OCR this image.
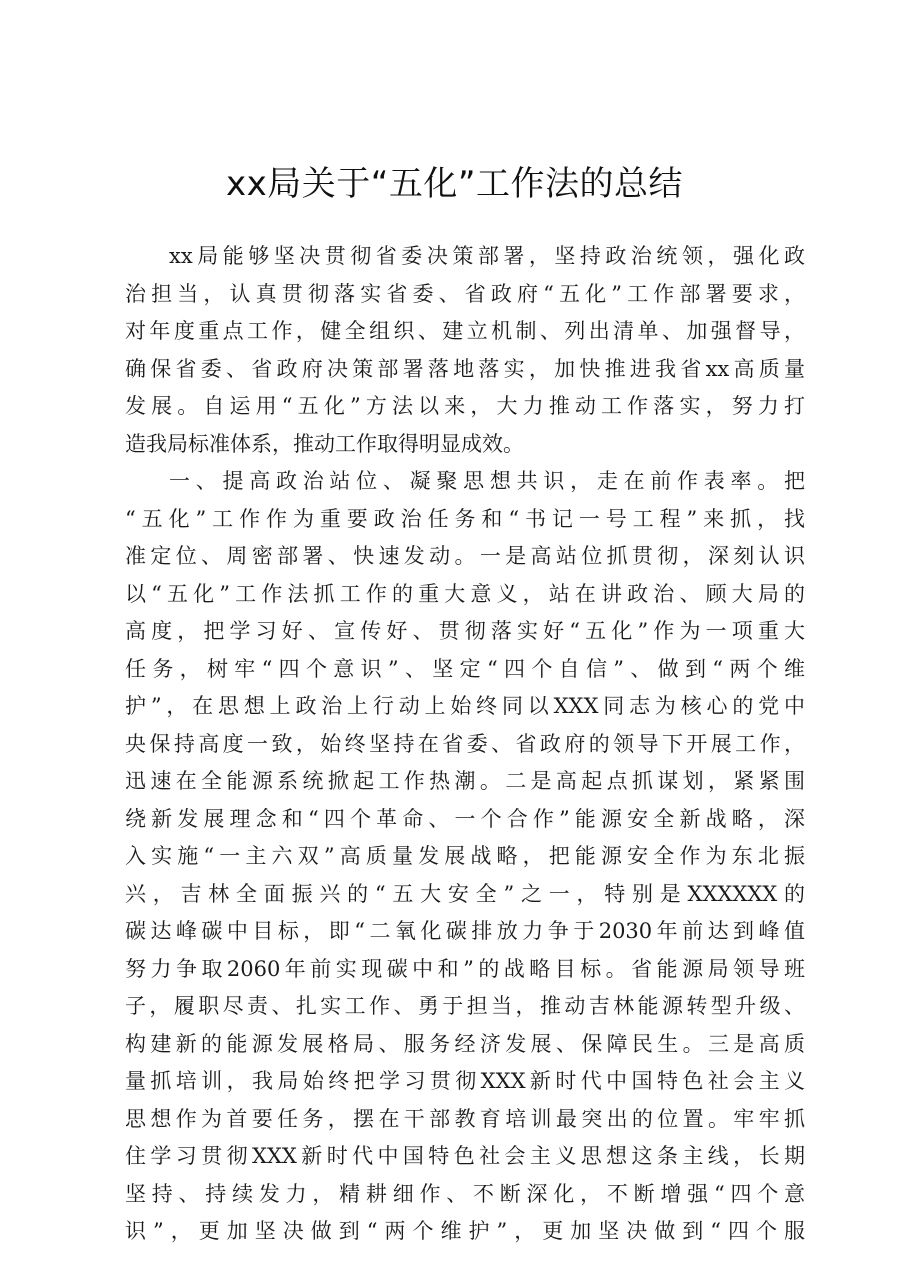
xx局关于“五化”工作法的总结
xx局能够坚决贯彻省委决策部署，坚持政治统领，强化政
治担当，认真贯彻落实省委、省政府“五化”工作部署要求，
对年度重点工作，健全组织、建立机制、列出清单、加强督导，
确保省委、省政府决策部署落地落实，加快推进我省xx高质量
发展。自运用“五化”方法以来，大力推动工作落实，努力打
造我局标准体系，推动工作取得明显成效。
一、提高政治站位、凝聚思想共识，走在前作表率。把
“五化”工作作为重要政治任务和“书记一号工程”来抓，找
准定位、周密部署、快速发动。一是高站位抓贯彻，深刻认识
以“五化”工作法抓工作的重大意义，站在讲政治、顾大局的
高度，把学习好、宣传好、贯彻落实好“五化”作为一项重大
任务，树牢“四个意识”、坚定“四个自信”、做到“两个维
护”，在思想上政治上行动上始终同以XXX同志为核心的党中
央保持高度一致，始终坚持在省委、省政府的领导下开展工作，
迅速在全能源系统掀起工作热潮。二是高起点抓谋划，紧紧围
绕新发展理念和“四个革命、一个合作”能源安全新战略，深
入实施“一主六双”高质量发展战略，把能源安全作为东北振
兴，吉林全面振兴的“五大安全”之一，特别是XXXXXX的
碳达峰碳中目标，即“二氧化碳排放力争于2030年前达到峰值
努力争取2060年前实现碳中和”的战略目标。省能源局领导班
子，履职尽责、扎实工作、勇于担当，推动吉林能源转型升级、
构建新的能源发展格局、服务经济发展、保障民生。三是高质
量抓培训，我局始终把学习贯彻XXX新时代中国特色社会主义
思想作为首要任务，摆在干部教育培训最突出的位置。牢牢抓
住学习贯彻XXX新时代中国特色社会主义思想这条主线，长期
坚持、持续发力，精耕细作、不断深化，不断增强“四个意
识”，更加坚决做到“两个维护”，更加坚决做到“四个服
